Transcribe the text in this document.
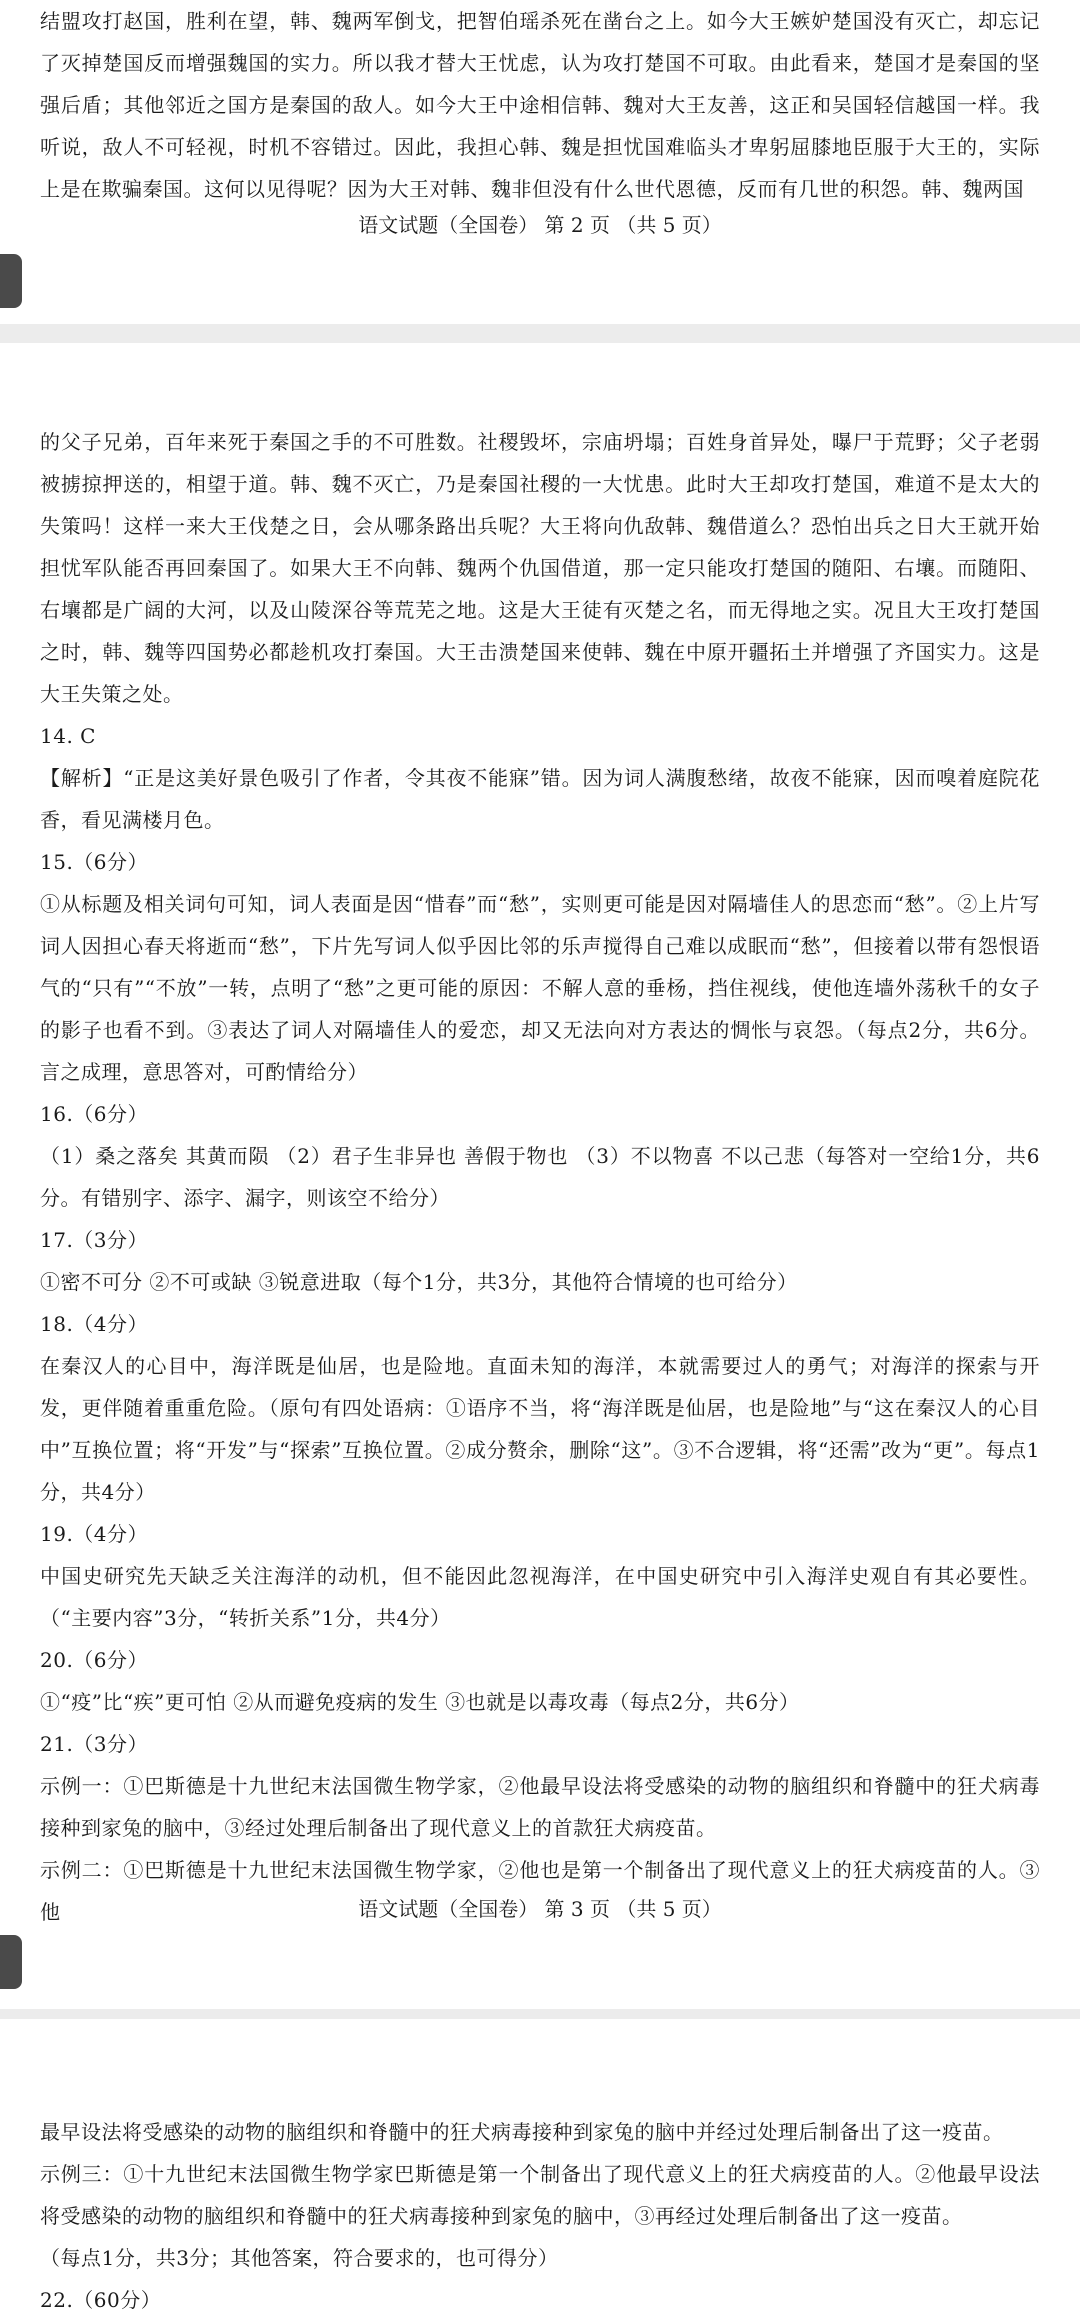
结盟攻打赵国，胜利在望，韩、魏两军倒戈，把智伯瑶杀死在凿台之上。如今大王嫉妒楚国没有灭亡，却忘记了灭掉楚国反而增强魏国的实力。所以我才替大王忧虑，认为攻打楚国不可取。由此看来，楚国才是秦国的坚强后盾；其他邻近之国方是秦国的敌人。如今大王中途相信韩、魏对大王友善，这正和吴国轻信越国一样。我听说，敌人不可轻视，时机不容错过。因此，我担心韩、魏是担忧国难临头才卑躬屈膝地臣服于大王的，实际上是在欺骗秦国。这何以见得呢？因为大王对韩、魏非但没有什么世代恩德，反而有几世的积怨。韩、魏两国

语文试题（全国卷） 第 2 页 （共 5 页）

的父子兄弟，百年来死于秦国之手的不可胜数。社稷毁坏，宗庙坍塌；百姓身首异处，曝尸于荒野；父子老弱被掳掠押送的，相望于道。韩、魏不灭亡，乃是秦国社稷的一大忧患。此时大王却攻打楚国，难道不是太大的失策吗！这样一来大王伐楚之日，会从哪条路出兵呢？大王将向仇敌韩、魏借道么？恐怕出兵之日大王就开始担忧军队能否再回秦国了。如果大王不向韩、魏两个仇国借道，那一定只能攻打楚国的随阳、右壤。而随阳、右壤都是广阔的大河，以及山陵深谷等荒芜之地。这是大王徒有灭楚之名，而无得地之实。况且大王攻打楚国之时，韩、魏等四国势必都趁机攻打秦国。大王击溃楚国来使韩、魏在中原开疆拓土并增强了齐国实力。这是大王失策之处。

14. C

【解析】“正是这美好景色吸引了作者，令其夜不能寐”错。因为词人满腹愁绪，故夜不能寐，因而嗅着庭院花香，看见满楼月色。

15.（6分）

①从标题及相关词句可知，词人表面是因“惜春”而“愁”，实则更可能是因对隔墙佳人的思恋而“愁”。②上片写词人因担心春天将逝而“愁”，下片先写词人似乎因比邻的乐声搅得自己难以成眠而“愁”，但接着以带有怨恨语气的“只有”“不放”一转，点明了“愁”之更可能的原因：不解人意的垂杨，挡住视线，使他连墙外荡秋千的女子的影子也看不到。③表达了词人对隔墙佳人的爱恋，却又无法向对方表达的惆怅与哀怨。（每点2分，共6分。言之成理，意思答对，可酌情给分）

16.（6分）

（1）桑之落矣 其黄而陨 （2）君子生非异也 善假于物也 （3）不以物喜 不以己悲（每答对一空给1分，共6分。有错别字、添字、漏字，则该空不给分）

17.（3分）

①密不可分 ②不可或缺 ③锐意进取（每个1分，共3分，其他符合情境的也可给分）

18.（4分）

在秦汉人的心目中，海洋既是仙居，也是险地。直面未知的海洋，本就需要过人的勇气；对海洋的探索与开发，更伴随着重重危险。（原句有四处语病：①语序不当，将“海洋既是仙居，也是险地”与“这在秦汉人的心目中”互换位置；将“开发”与“探索”互换位置。②成分赘余，删除“这”。③不合逻辑，将“还需”改为“更”。每点1分，共4分）

19.（4分）

中国史研究先天缺乏关注海洋的动机，但不能因此忽视海洋，在中国史研究中引入海洋史观自有其必要性。（“主要内容”3分，“转折关系”1分，共4分）

20.（6分）

①“疫”比“疾”更可怕 ②从而避免疫病的发生 ③也就是以毒攻毒（每点2分，共6分）

21.（3分）

示例一：①巴斯德是十九世纪末法国微生物学家，②他最早设法将受感染的动物的脑组织和脊髓中的狂犬病毒接种到家兔的脑中，③经过处理后制备出了现代意义上的首款狂犬病疫苗。

示例二：①巴斯德是十九世纪末法国微生物学家，②他也是第一个制备出了现代意义上的狂犬病疫苗的人。③他	语文试题（全国卷） 第 3 页 （共 5 页）

最早设法将受感染的动物的脑组织和脊髓中的狂犬病毒接种到家兔的脑中并经过处理后制备出了这一疫苗。

示例三：①十九世纪末法国微生物学家巴斯德是第一个制备出了现代意义上的狂犬病疫苗的人。②他最早设法将受感染的动物的脑组织和脊髓中的狂犬病毒接种到家兔的脑中，③再经过处理后制备出了这一疫苗。

（每点1分，共3分；其他答案，符合要求的，也可得分）

22.（60分）
